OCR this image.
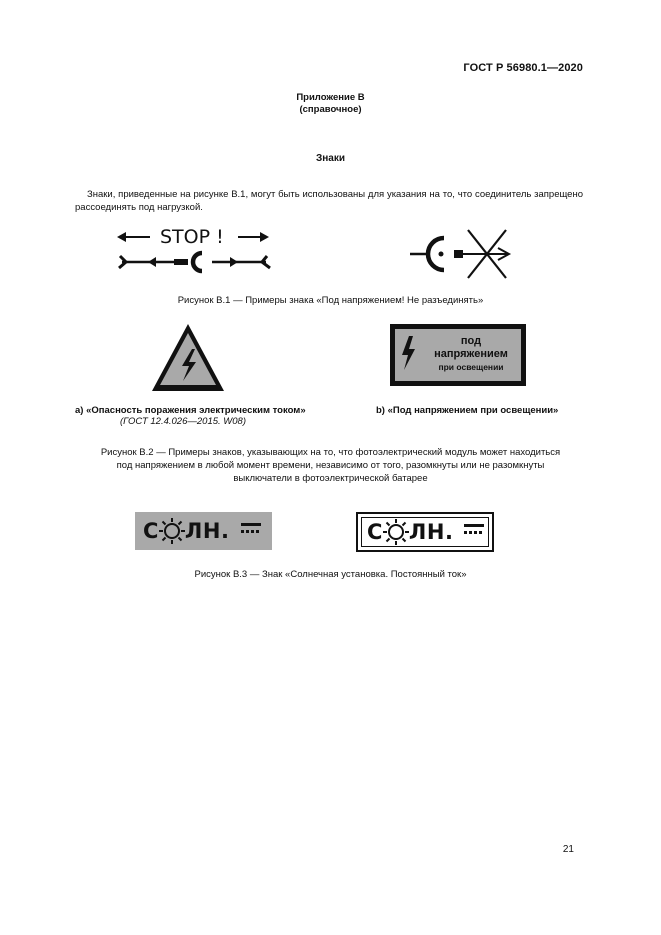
ГОСТ Р 56980.1—2020
Приложение В
(справочное)
Знаки
Знаки, приведенные на рисунке В.1, могут быть использованы для указания на то, что соединитель запрещено рассоединять под нагрузкой.
STOP !
Рисунок В.1 — Примеры знака «Под напряжением! Не разъединять»
под
напряжением
при освещении
а) «Опасность поражения электрическим током»
(ГОСТ 12.4.026—2015. W08)
b) «Под напряжением при освещении»
Рисунок В.2 — Примеры знаков, указывающих на то, что фотоэлектрический модуль может находиться
под напряжением в любой момент времени, независимо от того, разомкнуты или не разомкнуты
выключатели в фотоэлектрической батарее
С ЛН.	С ЛН.
Рисунок В.3 — Знак «Солнечная установка. Постоянный ток»
21
